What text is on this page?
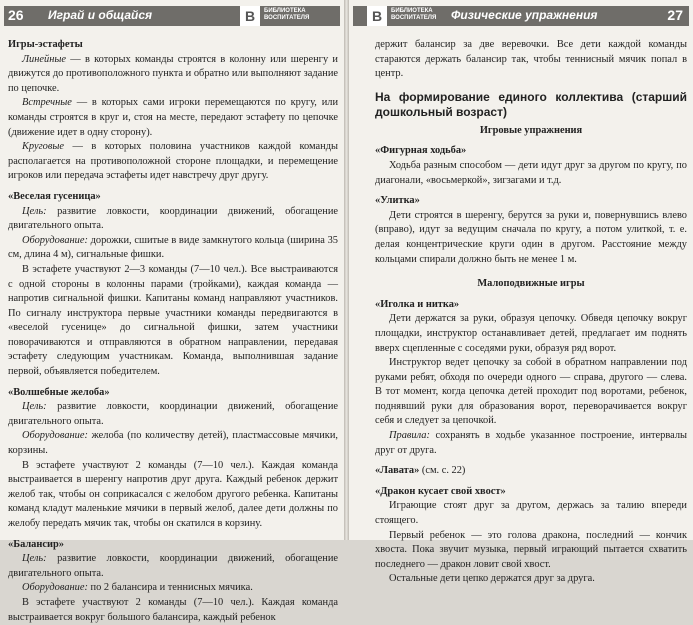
26 Играй и общайся	В	БИБЛИОТЕКА
ВОСПИТАТЕЛЯ

Игры-эстафеты

Линейные — в которых команды строятся в колонну или шеренгу и движутся до противоположного пункта и обратно или выполняют задание по цепочке.

Встречные — в которых сами игроки перемещаются по кругу, или команды строятся в круг и, стоя на месте, передают эстафету по цепочке (движение идет в одну сторону).

Круговые — в которых половина участников каждой команды располагается на противоположной стороне площадки, и перемещение игроков или передача эстафеты идет навстречу друг другу.

«Веселая гусеница»

Цель: развитие ловкости, координации движений, обогащение двигательного опыта.

Оборудование: дорожки, сшитые в виде замкнутого кольца (ширина 35 см, длина 4 м), сигнальные фишки.

В эстафете участвуют 2—3 команды (7—10 чел.). Все выстраиваются с одной стороны в колонны парами (тройками), каждая команда — напротив сигнальной фишки. Капитаны команд направляют участников. По сигналу инструктора первые участники команды передвигаются в «веселой гусенице» до сигнальной фишки, затем участники поворачиваются и отправляются в обратном направлении, передавая эстафету следующим участникам. Команда, выполнившая задание первой, объявляется победителем.

«Волшебные желоба»

Цель: развитие ловкости, координации движений, обогащение двигательного опыта.

Оборудование: желоба (по количеству детей), пластмассовые мячики, корзины.

В эстафете участвуют 2 команды (7—10 чел.). Каждая команда выстраивается в шеренгу напротив друг друга. Каждый ребенок держит желоб так, чтобы он соприкасался с желобом другого ребенка. Капитаны команд кладут маленькие мячики в первый желоб, далее дети должны по желобу передать мячик так, чтобы он скатился в корзину.

«Балансир»

Цель: развитие ловкости, координации движений, обогащение двигательного опыта.

Оборудование: по 2 балансира и теннисных мячика.

В эстафете участвуют 2 команды (7—10 чел.). Каждая команда выстраивается вокруг большого балансира, каждый ребенок

В	БИБЛИОТЕКА
ВОСПИТАТЕЛЯ Физические упражнения	27

держит балансир за две веревочки. Все дети каждой команды стараются держать балансир так, чтобы теннисный мячик попал в центр.

На формирование единого коллектива (старший дошкольный возраст)

Игровые упражнения

«Фигурная ходьба»

Ходьба разным способом — дети идут друг за другом по кругу, по диагонали, «восьмеркой», зигзагами и т.д.

«Улитка»

Дети строятся в шеренгу, берутся за руки и, повернувшись влево (вправо), идут за ведущим сначала по кругу, а потом улиткой, т. е. делая концентрические круги один в другом. Расстояние между кольцами спирали должно быть не менее 1 м.

Малоподвижные игры

«Иголка и нитка»

Дети держатся за руки, образуя цепочку. Обведя цепочку вокруг площадки, инструктор останавливает детей, предлагает им поднять вверх сцепленные с соседями руки, образуя ряд ворот.

Инструктор ведет цепочку за собой в обратном направлении под руками ребят, обходя по очереди одного — справа, другого — слева. В тот момент, когда цепочка детей проходит под воротами, ребенок, поднявший руки для образования ворот, переворачивается вокруг себя и следует за цепочкой.

Правила: сохранять в ходьбе указанное построение, интервалы друг от друга.

«Лавата» (см. с. 22)

«Дракон кусает свой хвост»

Играющие стоят друг за другом, держась за талию впереди стоящего.

Первый ребенок — это голова дракона, последний — кончик хвоста. Пока звучит музыка, первый играющий пытается схватить последнего — дракон ловит свой хвост.

Остальные дети цепко держатся друг за друга.
